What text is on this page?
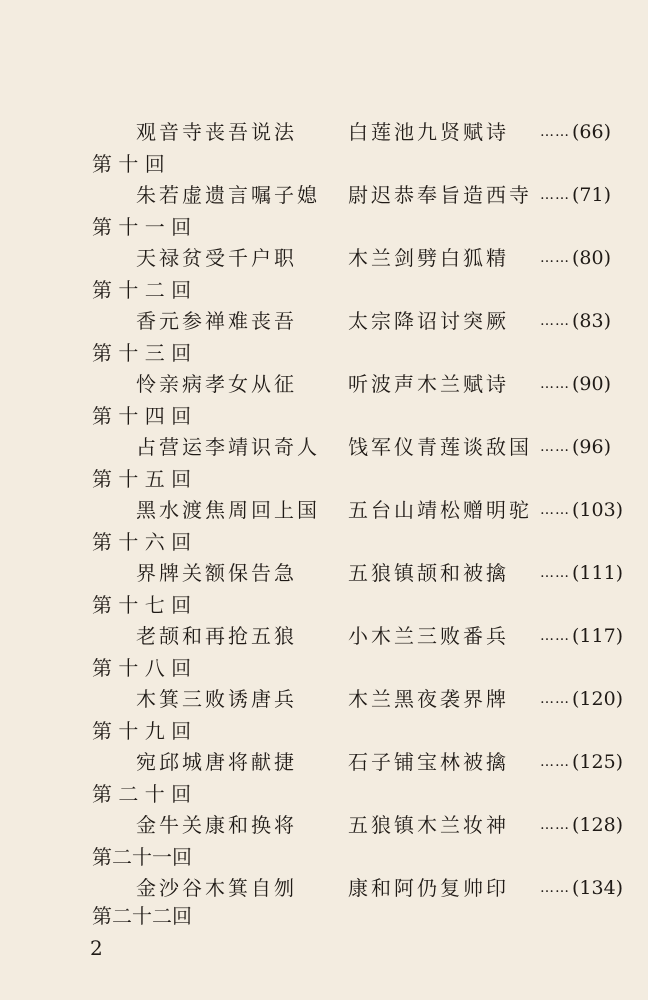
观音寺丧吾说法	白莲池九贤赋诗	…… (66)
第 十 回
朱若虚遗言嘱子媳 尉迟恭奉旨造西寺 …… (71)
第 十 一 回
天禄贫受千户职	木兰剑劈白狐精	…… (80)
第 十 二 回
香元参禅难丧吾	太宗降诏讨突厥	…… (83)
第 十 三 回
怜亲病孝女从征	听波声木兰赋诗	…… (90)
第 十 四 回
占营运李靖识奇人 饯军仪青莲谈敌国 …… (96)
第 十 五 回
黑水渡焦周回上国 五台山靖松赠明驼 …… (103)
第 十 六 回
界牌关额保告急	五狼镇颉和被擒	…… (111)
第 十 七 回
老颉和再抢五狼	小木兰三败番兵	…… (117)
第 十 八 回
木箕三败诱唐兵	木兰黑夜袭界牌	…… (120)
第 十 九 回
宛邱城唐将献捷	石子铺宝林被擒	…… (125)
第 二 十 回
金牛关康和换将	五狼镇木兰妆神	…… (128)
第二十一回
金沙谷木箕自刎	康和阿仍复帅印	…… (134)
第二十二回
2
